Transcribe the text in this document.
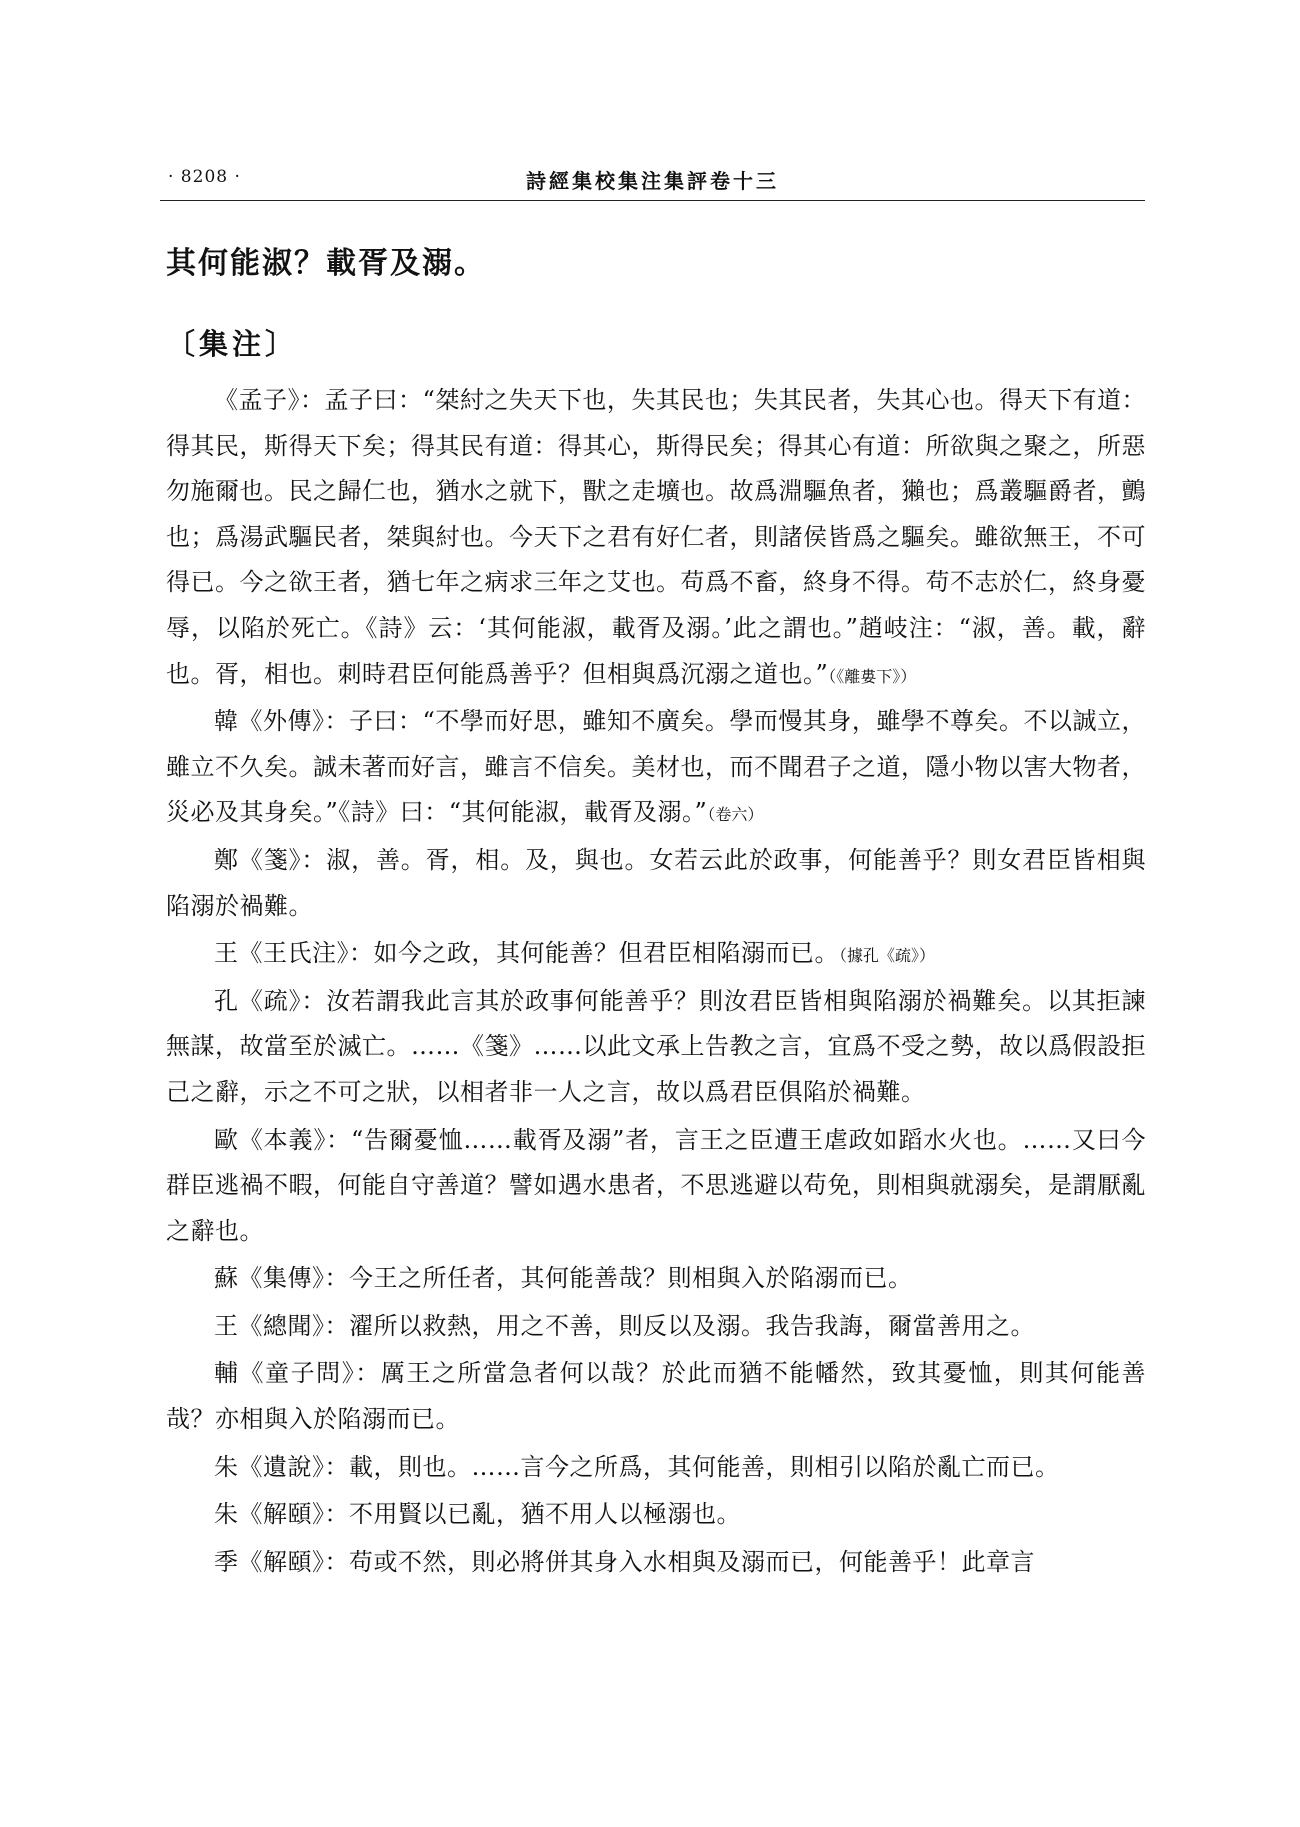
· 8208 ·	詩經集校集注集評卷十三
其何能淑？載胥及溺。
〔集注〕

《孟子》：孟子曰：“桀紂之失天下也，失其民也；失其民者，失其心也。得天下有道：得其民，斯得天下矣；得其民有道：得其心，斯得民矣；得其心有道：所欲與之聚之，所惡勿施爾也。民之歸仁也，猶水之就下，獸之走壙也。故爲淵驅魚者，獺也；爲叢驅爵者，鸇也；爲湯武驅民者，桀與紂也。今天下之君有好仁者，則諸侯皆爲之驅矣。雖欲無王，不可得已。今之欲王者，猶七年之病求三年之艾也。苟爲不畜，終身不得。苟不志於仁，終身憂辱，以陷於死亡。《詩》云：‘其何能淑，載胥及溺。’此之謂也。”趙岐注：“淑，善。載，辭也。胥，相也。刺時君臣何能爲善乎？但相與爲沉溺之道也。”（《離婁下》）

韓《外傳》：子曰：“不學而好思，雖知不廣矣。學而慢其身，雖學不尊矣。不以誠立，雖立不久矣。誠未著而好言，雖言不信矣。美材也，而不聞君子之道，隱小物以害大物者，災必及其身矣。”《詩》曰：“其何能淑，載胥及溺。”（卷六）

鄭《箋》：淑，善。胥，相。及，與也。女若云此於政事，何能善乎？則女君臣皆相與陷溺於禍難。

王《王氏注》：如今之政，其何能善？但君臣相陷溺而已。（據孔《疏》）

孔《疏》：汝若謂我此言其於政事何能善乎？則汝君臣皆相與陷溺於禍難矣。以其拒諫無謀，故當至於滅亡。……《箋》……以此文承上告教之言，宜爲不受之勢，故以爲假設拒己之辭，示之不可之狀，以相者非一人之言，故以爲君臣俱陷於禍難。

歐《本義》：“告爾憂恤……載胥及溺”者，言王之臣遭王虐政如蹈水火也。……又曰今群臣逃禍不暇，何能自守善道？譬如遇水患者，不思逃避以苟免，則相與就溺矣，是謂厭亂之辭也。

蘇《集傳》：今王之所任者，其何能善哉？則相與入於陷溺而已。

王《總聞》：濯所以救熱，用之不善，則反以及溺。我告我誨，爾當善用之。

輔《童子問》：厲王之所當急者何以哉？於此而猶不能幡然，致其憂恤，則其何能善哉？亦相與入於陷溺而已。

朱《遺說》：載，則也。……言今之所爲，其何能善，則相引以陷於亂亡而已。

朱《解頤》：不用賢以已亂，猶不用人以極溺也。

季《解頤》：苟或不然，則必將併其身入水相與及溺而已，何能善乎！此章言
